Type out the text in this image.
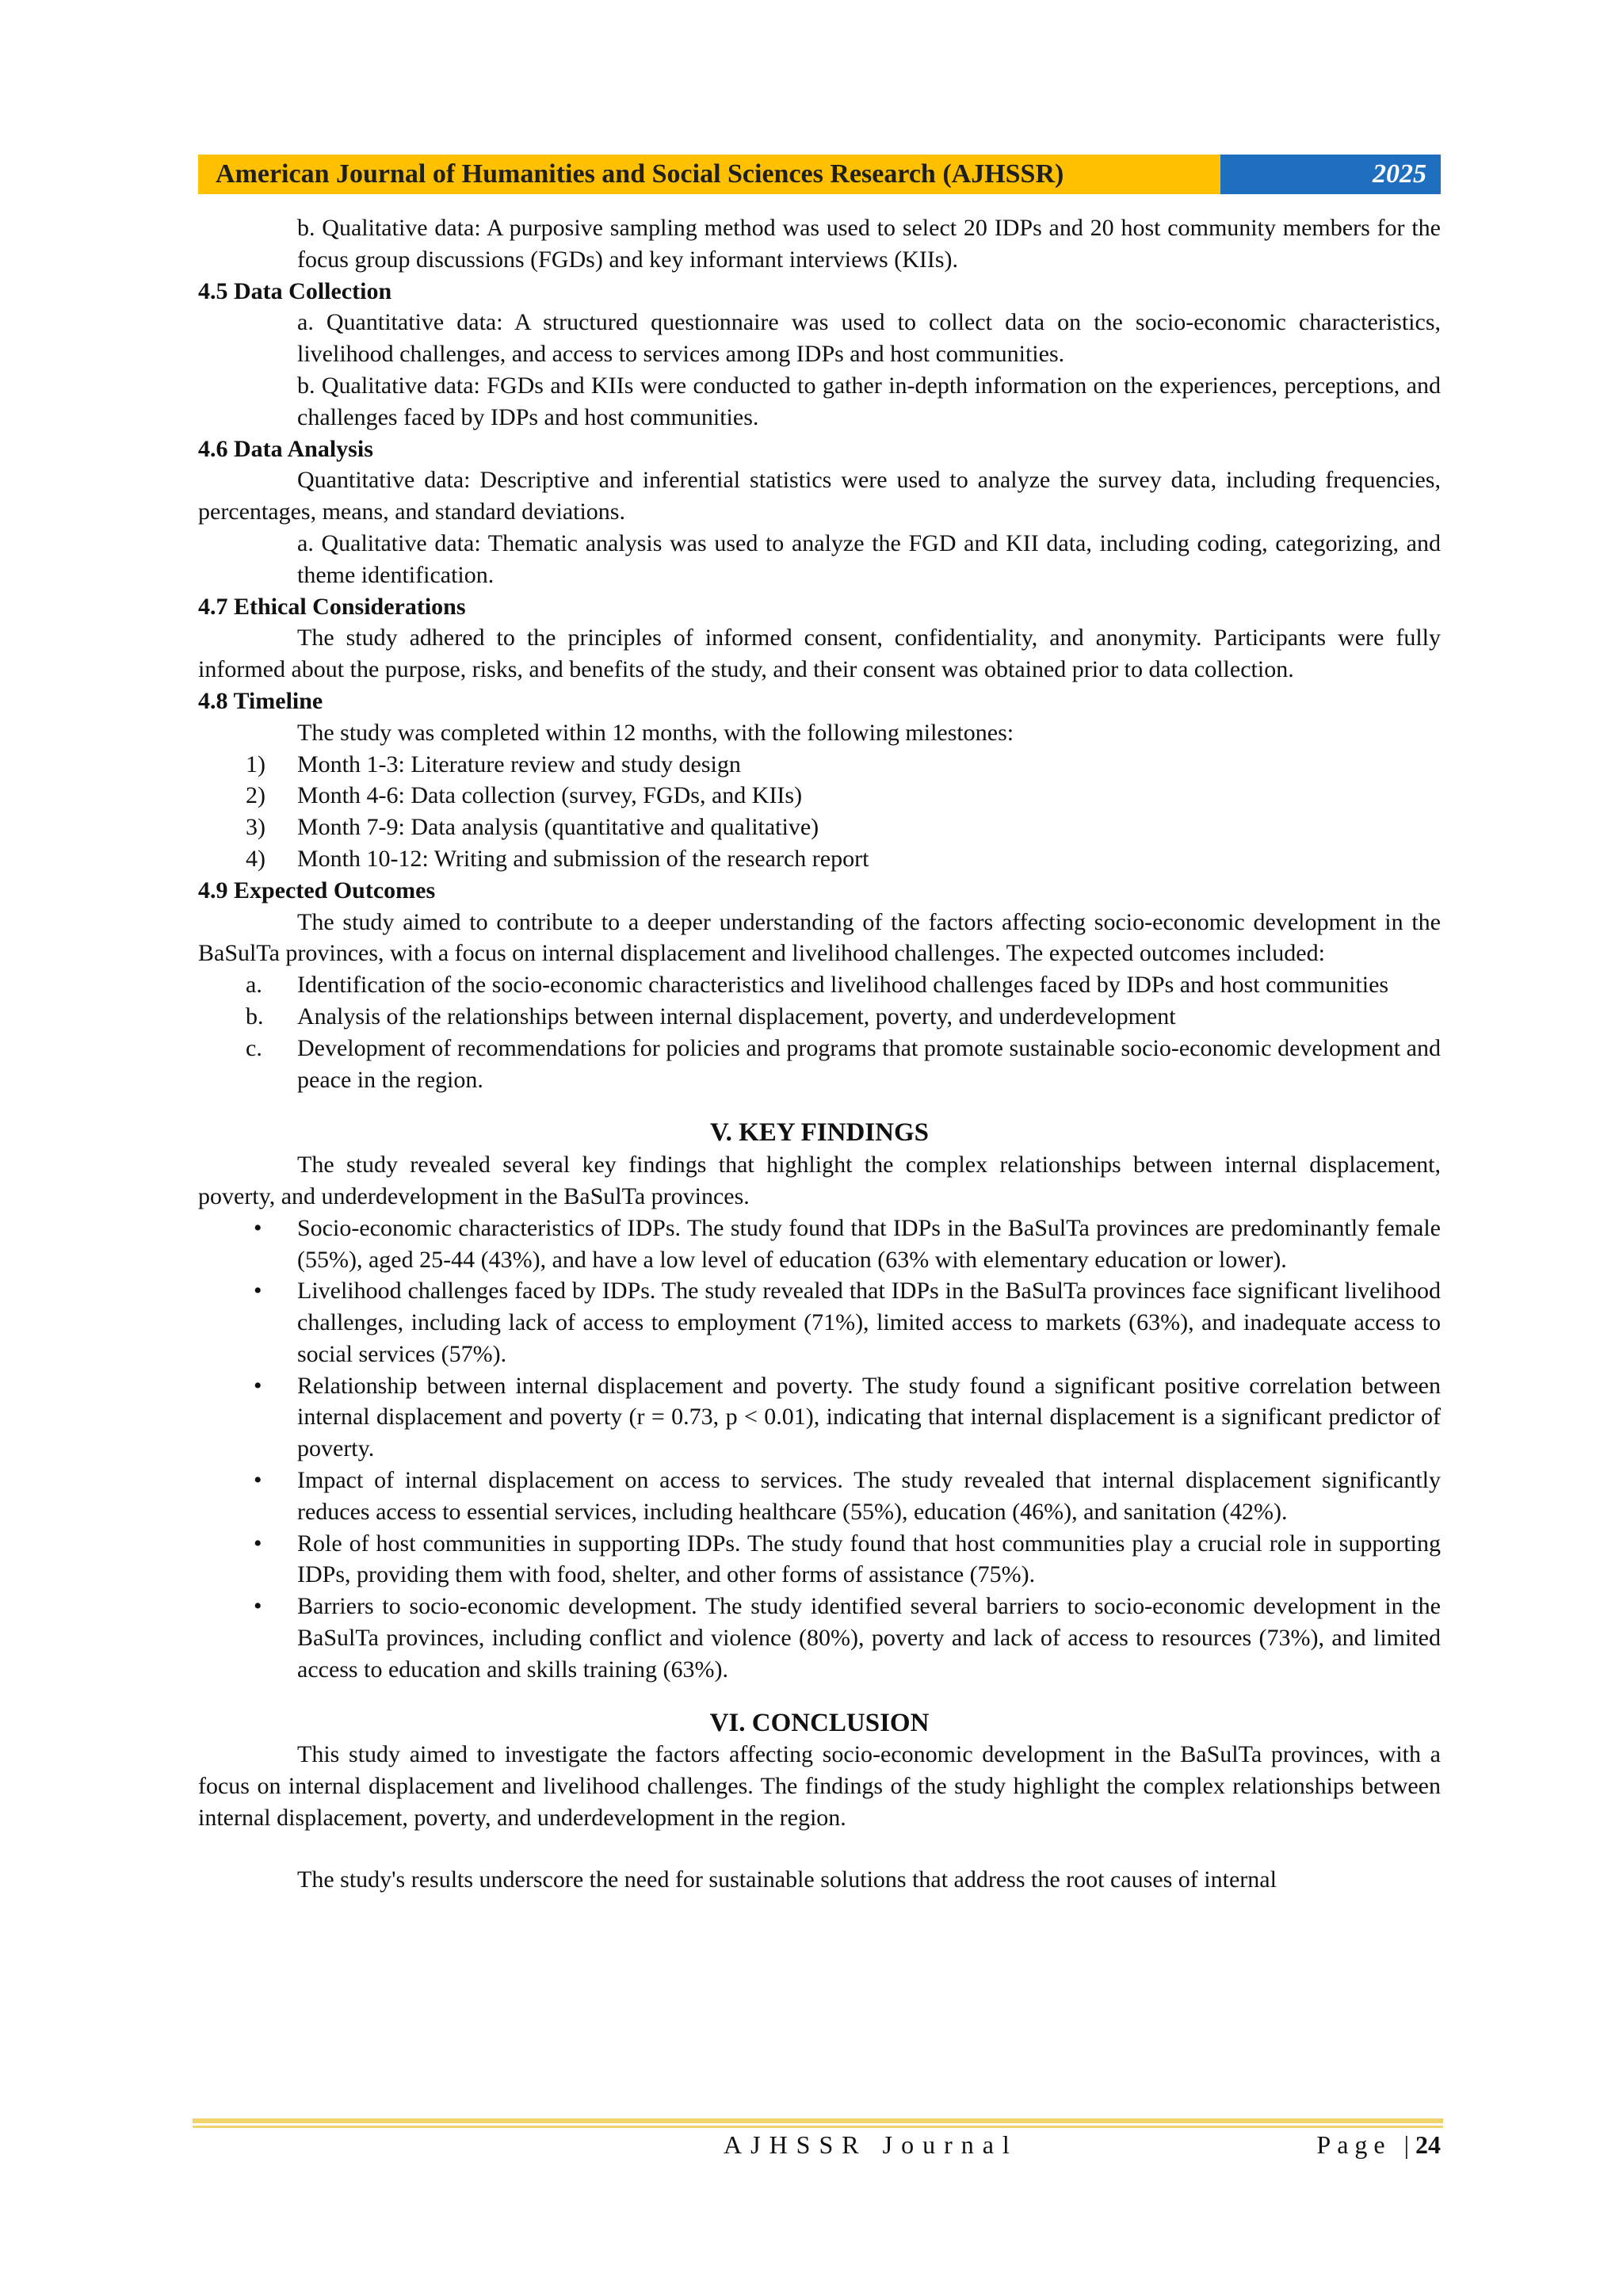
American Journal of Humanities and Social Sciences Research (AJHSSR)	2025

b. Qualitative data: A purposive sampling method was used to select 20 IDPs and 20 host community members for the focus group discussions (FGDs) and key informant interviews (KIIs).

4.5 Data Collection

a. Quantitative data: A structured questionnaire was used to collect data on the socio-economic characteristics, livelihood challenges, and access to services among IDPs and host communities.

b. Qualitative data: FGDs and KIIs were conducted to gather in-depth information on the experiences, perceptions, and challenges faced by IDPs and host communities.

4.6 Data Analysis

Quantitative data: Descriptive and inferential statistics were used to analyze the survey data, including frequencies, percentages, means, and standard deviations.

a. Qualitative data: Thematic analysis was used to analyze the FGD and KII data, including coding, categorizing, and theme identification.

4.7 Ethical Considerations

The study adhered to the principles of informed consent, confidentiality, and anonymity. Participants were fully informed about the purpose, risks, and benefits of the study, and their consent was obtained prior to data collection.

4.8 Timeline

The study was completed within 12 months, with the following milestones:

1)	Month 1-3: Literature review and study design
2)	Month 4-6: Data collection (survey, FGDs, and KIIs)
3)	Month 7-9: Data analysis (quantitative and qualitative)
4)	Month 10-12: Writing and submission of the research report

4.9 Expected Outcomes

The study aimed to contribute to a deeper understanding of the factors affecting socio-economic development in the BaSulTa provinces, with a focus on internal displacement and livelihood challenges. The expected outcomes included:

a.	Identification of the socio-economic characteristics and livelihood challenges faced by IDPs and host communities
b.	Analysis of the relationships between internal displacement, poverty, and underdevelopment
c.	Development of recommendations for policies and programs that promote sustainable socio-economic development and peace in the region.

V. KEY FINDINGS

The study revealed several key findings that highlight the complex relationships between internal displacement, poverty, and underdevelopment in the BaSulTa provinces.

•	Socio-economic characteristics of IDPs. The study found that IDPs in the BaSulTa provinces are predominantly female (55%), aged 25-44 (43%), and have a low level of education (63% with elementary education or lower).
•	Livelihood challenges faced by IDPs. The study revealed that IDPs in the BaSulTa provinces face significant livelihood challenges, including lack of access to employment (71%), limited access to markets (63%), and inadequate access to social services (57%).
•	Relationship between internal displacement and poverty. The study found a significant positive correlation between internal displacement and poverty (r = 0.73, p < 0.01), indicating that internal displacement is a significant predictor of poverty.
•	Impact of internal displacement on access to services. The study revealed that internal displacement significantly reduces access to essential services, including healthcare (55%), education (46%), and sanitation (42%).
•	Role of host communities in supporting IDPs. The study found that host communities play a crucial role in supporting IDPs, providing them with food, shelter, and other forms of assistance (75%).
•	Barriers to socio-economic development. The study identified several barriers to socio-economic development in the BaSulTa provinces, including conflict and violence (80%), poverty and lack of access to resources (73%), and limited access to education and skills training (63%).

VI. CONCLUSION

This study aimed to investigate the factors affecting socio-economic development in the BaSulTa provinces, with a focus on internal displacement and livelihood challenges. The findings of the study highlight the complex relationships between internal displacement, poverty, and underdevelopment in the region.

The study's results underscore the need for sustainable solutions that address the root causes of internal

AJHSSR Journal	Page |24
